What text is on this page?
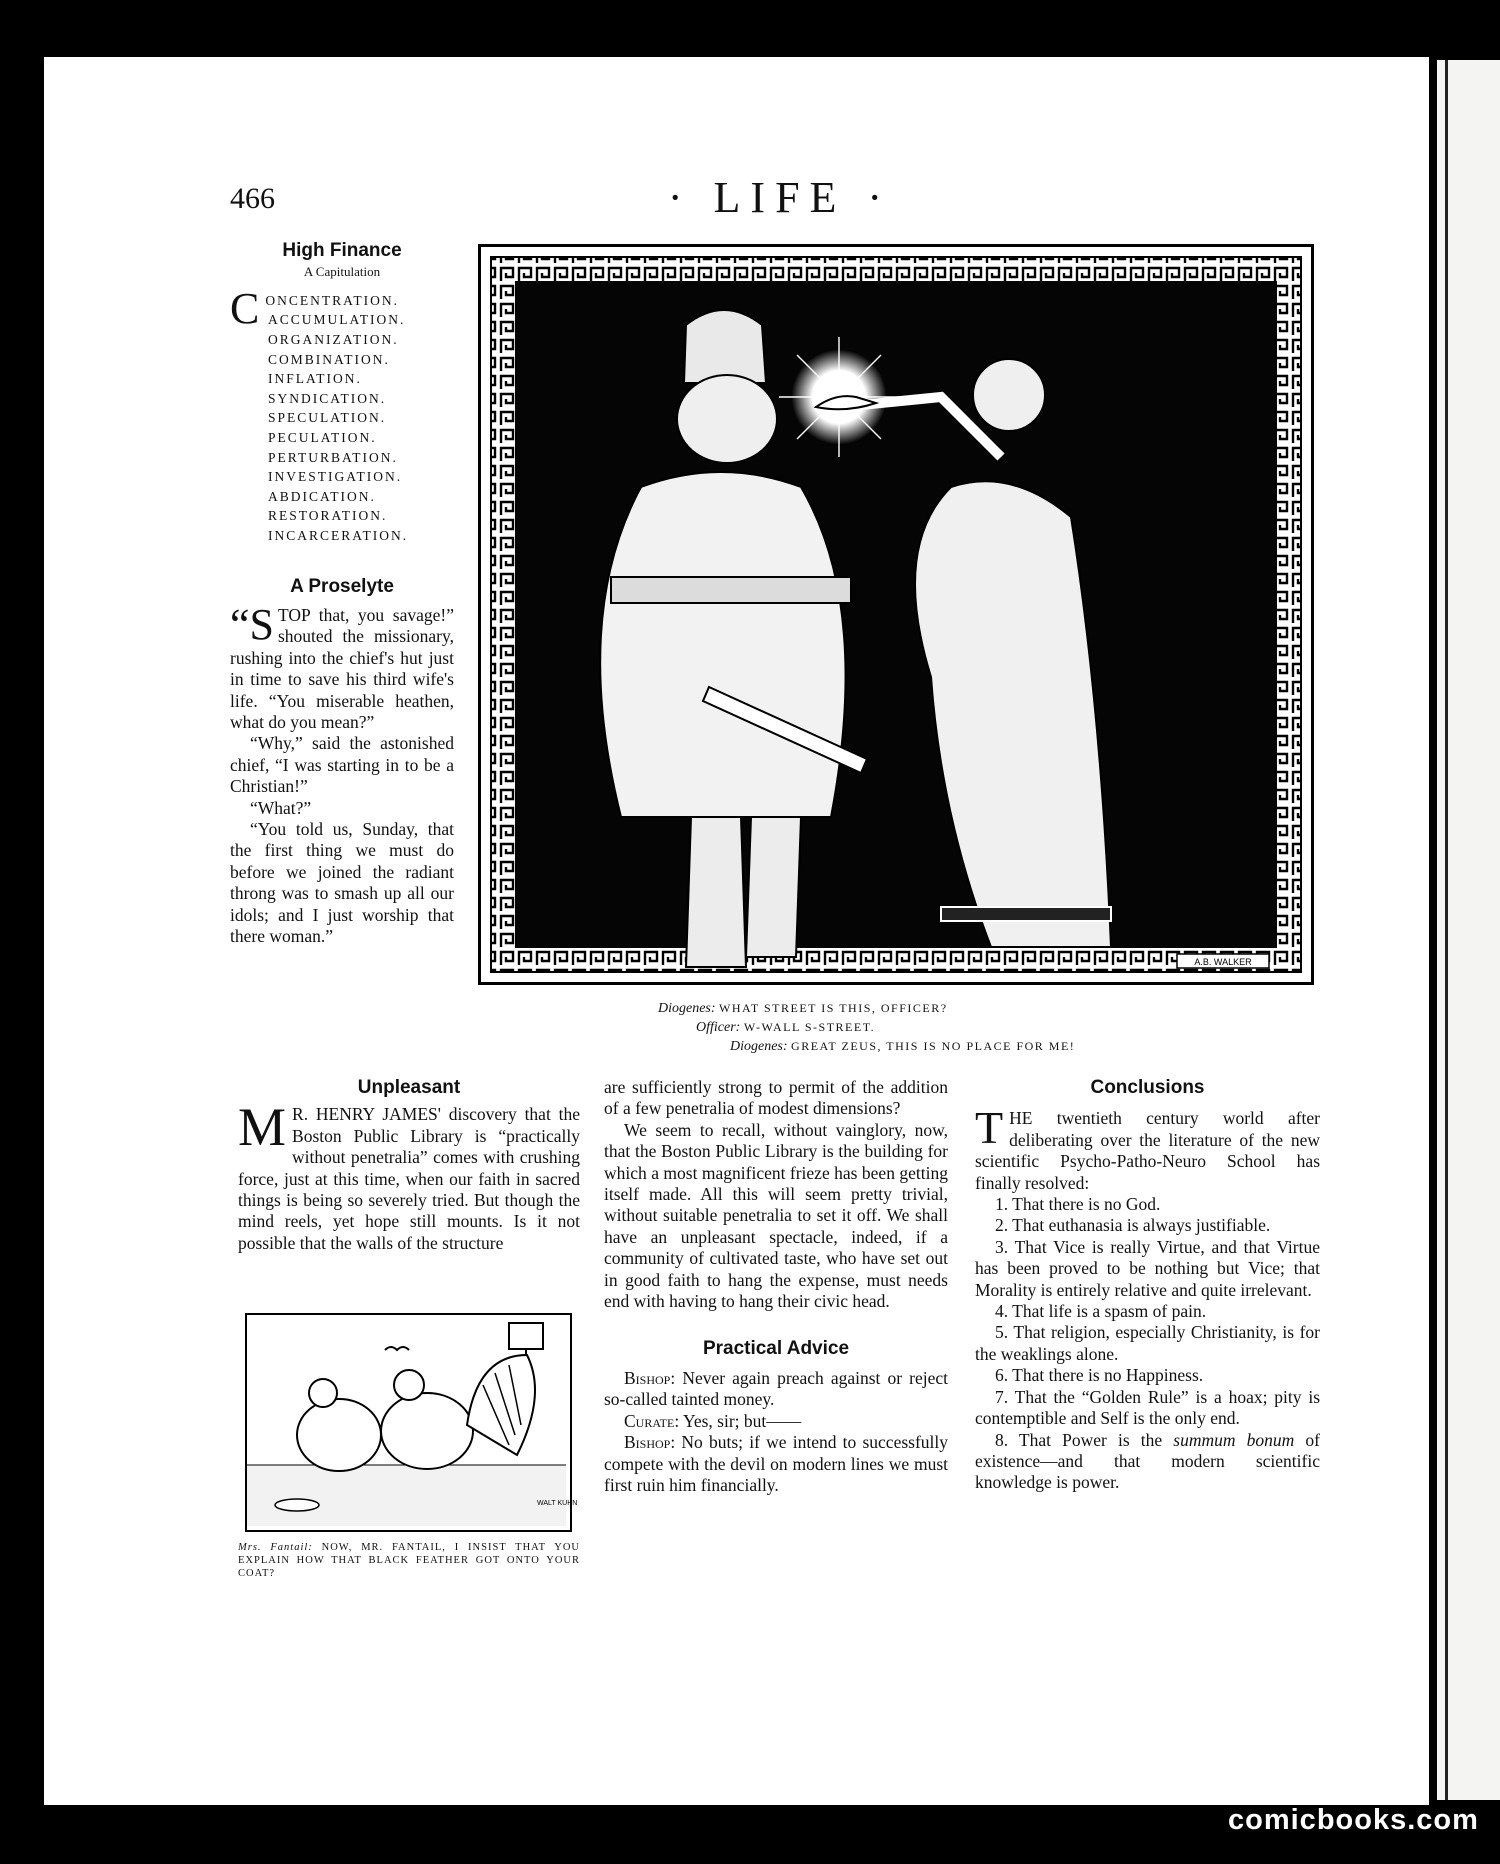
466	· LIFE ·

High Finance

A Capitulation

CONCENTRATION.
ACCUMULATION.
ORGANIZATION.
COMBINATION.
INFLATION.
SYNDICATION.
SPECULATION.
PECULATION.
PERTURBATION.
INVESTIGATION.
ABDICATION.
RESTORATION.
INCARCERATION.

A Proselyte

“STOP that, you savage!” shouted the missionary, rushing into the chief's hut just in time to save his third wife's life. “You miserable heathen, what do you mean?”

“Why,” said the astonished chief, “I was starting in to be a Christian!”

“What?”

“You told us, Sunday, that the first thing we must do before we joined the radiant throng was to smash up all our idols; and I just worship that there woman.”

A.B. WALKER
Diogenes: WHAT STREET IS THIS, OFFICER?
Officer: W-WALL S-STREET.
Diogenes: GREAT ZEUS, THIS IS NO PLACE FOR ME!

Unpleasant

M R. HENRY JAMES' discovery that the Boston Public Library is “practically without penetralia” comes with crushing force, just at this time, when our faith in sacred things is being so severely tried. But though the mind reels, yet hope still mounts. Is it not possible that the walls of the structure

WALT KUHN
Mrs. Fantail: NOW, MR. FANTAIL, I INSIST THAT YOU EXPLAIN HOW THAT BLACK FEATHER GOT ONTO YOUR COAT?

are sufficiently strong to permit of the addition of a few penetralia of modest dimensions?

We seem to recall, without vainglory, now, that the Boston Public Library is the building for which a most magnificent frieze has been getting itself made. All this will seem pretty trivial, without suitable penetralia to set it off. We shall have an unpleasant spectacle, indeed, if a community of cultivated taste, who have set out in good faith to hang the expense, must needs end with having to hang their civic head.

Practical Advice

Bishop: Never again preach against or reject so-called tainted money.

Curate: Yes, sir; but——

Bishop: No buts; if we intend to successfully compete with the devil on modern lines we must first ruin him financially.

Conclusions

THE twentieth century world after deliberating over the literature of the new scientific Psycho-Patho-Neuro School has finally resolved:

1. That there is no God.

2. That euthanasia is always justifiable.

3. That Vice is really Virtue, and that Virtue has been proved to be nothing but Vice; that Morality is entirely relative and quite irrelevant.

4. That life is a spasm of pain.

5. That religion, especially Christianity, is for the weaklings alone.

6. That there is no Happiness.

7. That the “Golden Rule” is a hoax; pity is contemptible and Self is the only end.

8. That Power is the summum bonum of existence—and that modern scientific knowledge is power.

comicbooks.com
